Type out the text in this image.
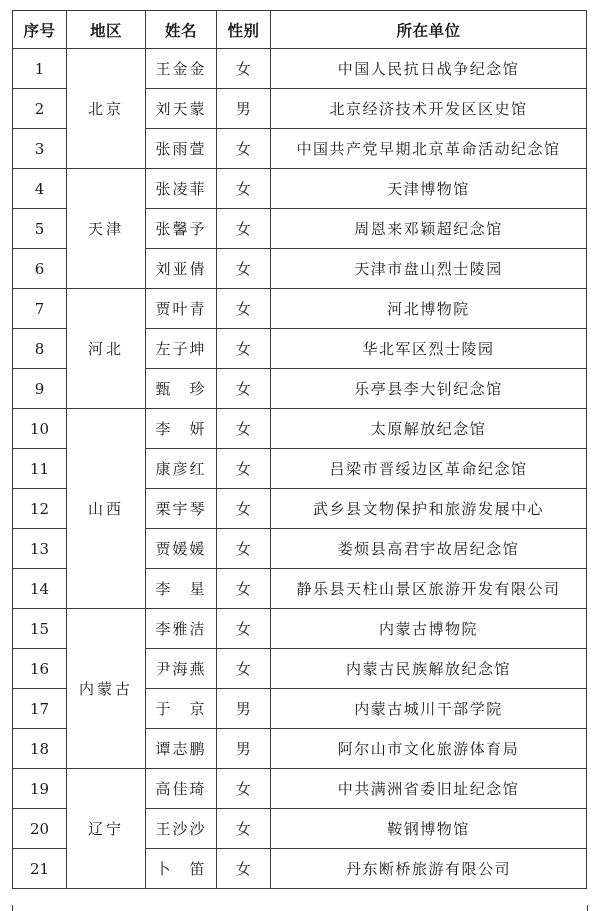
序号	地区	姓名	性别	所在单位
1	北京	王金金	女	中国人民抗日战争纪念馆
2		刘天蒙	男	北京经济技术开发区区史馆
3		张雨萱	女	中国共产党早期北京革命活动纪念馆
4	天津	张凌菲	女	天津博物馆
5		张馨予	女	周恩来邓颖超纪念馆
6		刘亚倩	女	天津市盘山烈士陵园
7	河北	贾叶青	女	河北博物院
8		左子坤	女	华北军区烈士陵园
9		甄　珍	女	乐亭县李大钊纪念馆
10	山西	李　妍	女	太原解放纪念馆
11		康彦红	女	吕梁市晋绥边区革命纪念馆
12		栗宇琴	女	武乡县文物保护和旅游发展中心
13		贾媛媛	女	娄烦县高君宇故居纪念馆
14		李　星	女	静乐县天柱山景区旅游开发有限公司
15	内蒙古	李雅洁	女	内蒙古博物院
16		尹海燕	女	内蒙古民族解放纪念馆
17		于　京	男	内蒙古城川干部学院
18		谭志鹏	男	阿尔山市文化旅游体育局
19	辽宁	高佳琦	女	中共满洲省委旧址纪念馆
20		王沙沙	女	鞍钢博物馆
21		卜　笛	女	丹东断桥旅游有限公司
